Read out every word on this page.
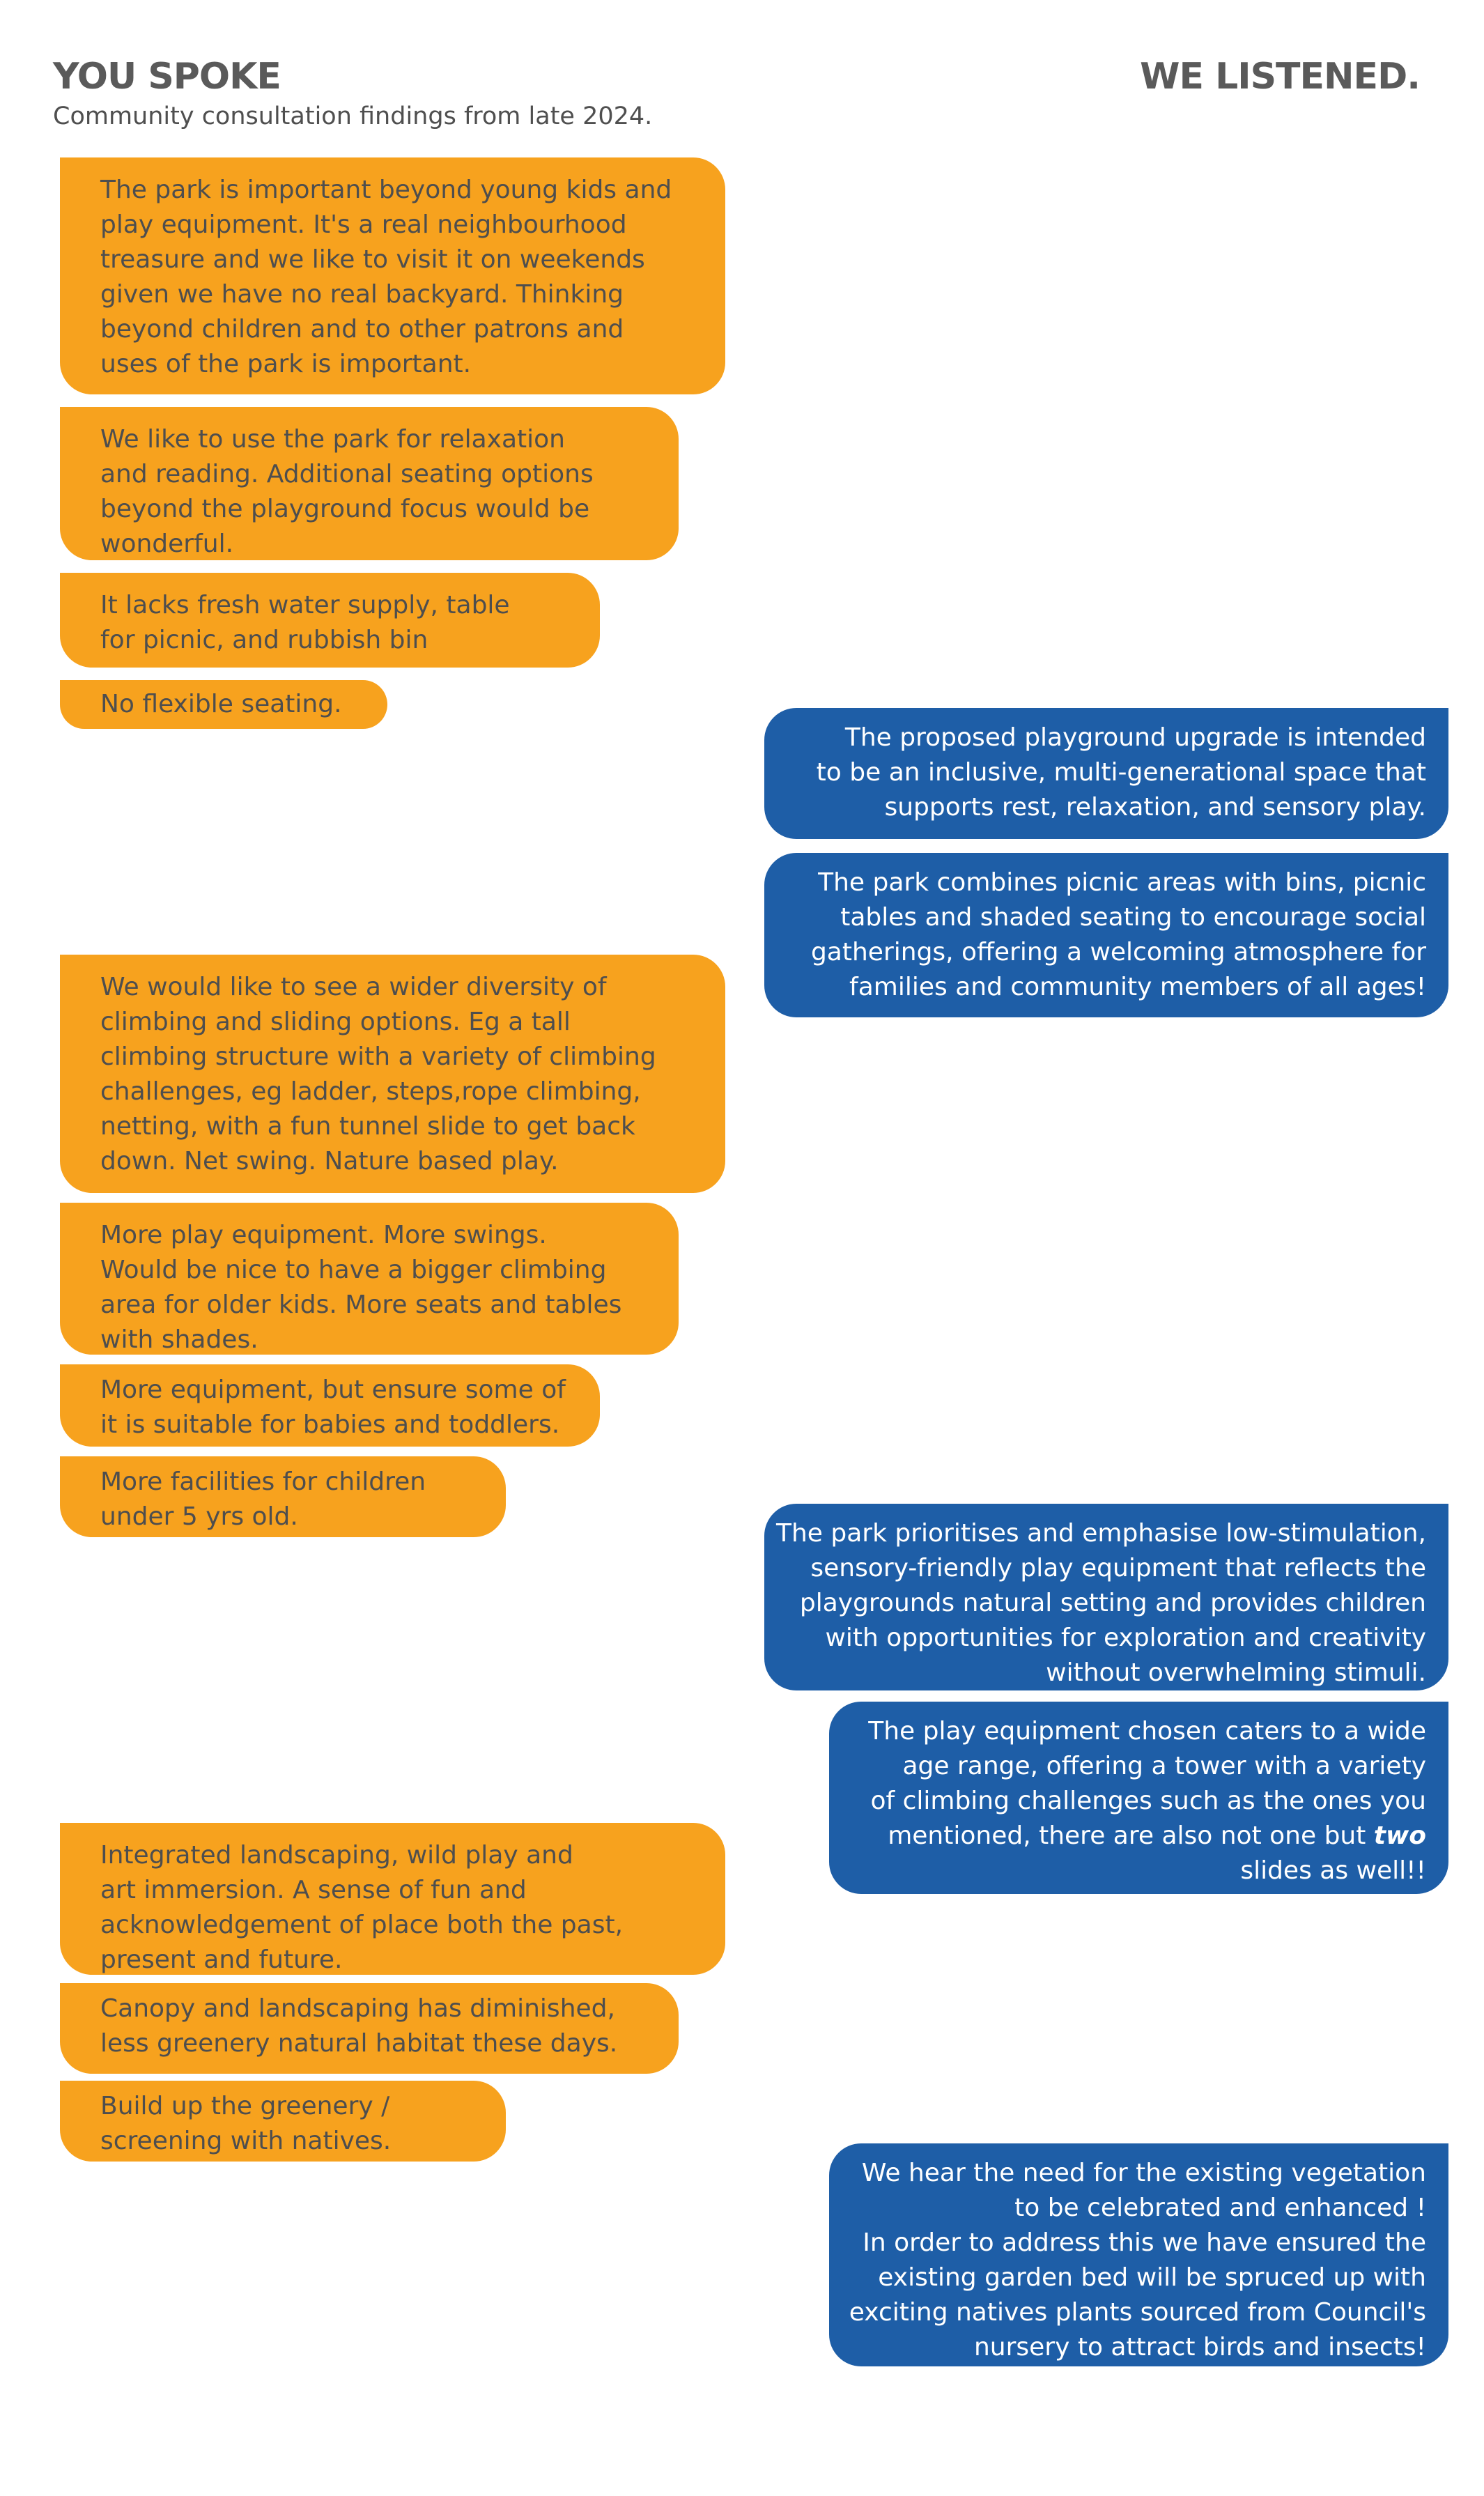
YOU SPOKE
Community consultation findings from late 2024.
WE LISTENED.
The park is important beyond young kids and
play equipment. It's a real neighbourhood
treasure and we like to visit it on weekends
given we have no real backyard. Thinking
beyond children and to other patrons and
uses of the park is important.
We like to use the park for relaxation
and reading. Additional seating options
beyond the playground focus would be
wonderful.
It lacks fresh water supply, table
for picnic, and rubbish bin
No flexible seating.
We would like to see a wider diversity of
climbing and sliding options. Eg a tall
climbing structure with a variety of climbing
challenges, eg ladder, steps,rope climbing,
netting, with a fun tunnel slide to get back
down. Net swing. Nature based play.
More play equipment. More swings.
Would be nice to have a bigger climbing
area for older kids. More seats and tables
with shades.
More equipment, but ensure some of
it is suitable for babies and toddlers.
More facilities for children
under 5 yrs old.
Integrated landscaping, wild play and
art immersion. A sense of fun and
acknowledgement of place both the past,
present and future.
Canopy and landscaping has diminished,
less greenery natural habitat these days.
Build up the greenery /
screening with natives.
The proposed playground upgrade is intended
to be an inclusive, multi-generational space that
supports rest, relaxation, and sensory play.
The park combines picnic areas with bins, picnic
tables and shaded seating to encourage social
gatherings, offering a welcoming atmosphere for
families and community members of all ages!
The park prioritises and emphasise low-stimulation,
sensory-friendly play equipment that reflects the
playgrounds natural setting and provides children
with opportunities for exploration and creativity
without overwhelming stimuli.
The play equipment chosen caters to a wide
age range, offering a tower with a variety
of climbing challenges such as the ones you
mentioned, there are also not one but two
slides as well!!
We hear the need for the existing vegetation
to be celebrated and enhanced !
In order to address this we have ensured the
existing garden bed will be spruced up with
exciting natives plants sourced from Council's
nursery to attract birds and insects!
